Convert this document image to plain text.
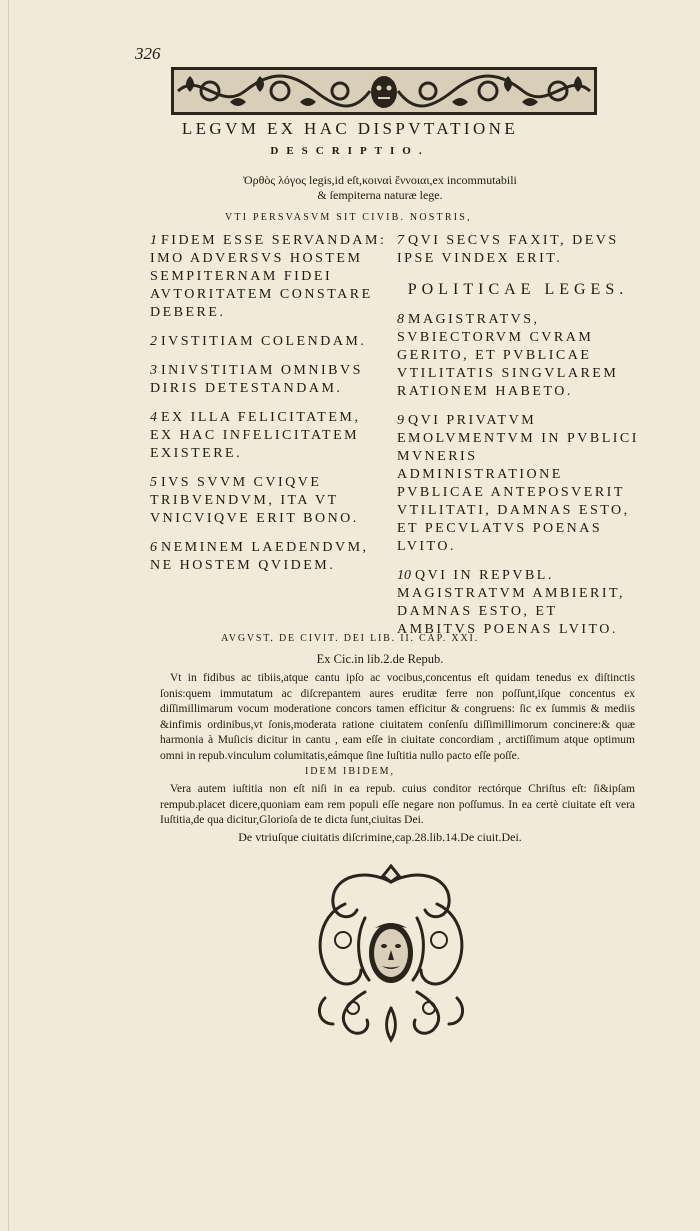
326
LEGVM EX HAC DISPVTATIONE
DESCRIPTIO.
Ὀρθὸς λόγος legis,id eſt,κοιναὶ ἔννοιαι,ex incommutabili
& ſempiterna naturæ lege.
VTI PERSVASVM SIT CIVIB. NOSTRIS,
1 FIDEM ESSE SERVANDAM: IMO ADVERSVS HOSTEM SEMPITERNAM FIDEI AVTORITATEM CONSTARE DEBERE.
2 IVSTITIAM COLENDAM.
3 INIVSTITIAM OMNIBVS DIRIS DETESTANDAM.
4 EX ILLA FELICITATEM, EX HAC INFELICITATEM EXISTERE.
5 IVS SVVM CVIQVE TRIBVENDVM, ITA VT VNICVIQVE ERIT BONO.
6 NEMINEM LAEDENDVM, NE HOSTEM QVIDEM.
7 QVI SECVS FAXIT, DEVS IPSE VINDEX ERIT.
POLITICAE LEGES.
8 MAGISTRATVS, SVBIECTORVM CVRAM GERITO, ET PVBLICAE VTILITATIS SINGVLAREM RATIONEM HABETO.
9 QVI PRIVATVM EMOLVMENTVM IN PVBLICI MVNERIS ADMINISTRATIONE PVBLICAE ANTEPOSVERIT VTILITATI, DAMNAS ESTO, ET PECVLATVS POENAS LVITO.
10 QVI IN REPVBL. MAGISTRATVM AMBIERIT, DAMNAS ESTO, ET AMBITVS POENAS LVITO.
AVGVST. DE CIVIT. DEI LIB. II. CAP. XXI.
Ex Cic.in lib.2.de Repub.
Vt in fidibus ac tibiis,atque cantu ipſo ac vocibus,concentus eſt quidam tenedus ex diſtinctis ſonis:quem immutatum ac diſcrepantem aures eruditæ ferre non poſſunt,iſque concentus ex diſſimillimarum vocum moderatione concors tamen efficitur & congruens: ſic ex ſummis & mediis &infimis ordinibus,vt ſonis,moderata ratione ciuitatem conſenſu diſſimillimorum concinere:& quæ harmonia à Muſicis dicitur in cantu , eam eſſe in ciuitate concordiam , arctiſſimum atque optimum omni in repub.vinculum columitatis,eámque ſine Iuſtitia nullo pacto eſſe poſſe.
IDEM IBIDEM,
Vera autem iuſtitia non eſt niſi in ea repub. cuius conditor rectórque Chriſtus eſt: ſi&ipſam rempub.placet dicere,quoniam eam rem populi eſſe negare non poſſumus. In ea certè ciuitate eſt vera Iuſtitia,de qua dicitur,Glorioſa de te dicta ſunt,ciuitas Dei.
De vtriuſque ciuitatis diſcrimine,cap.28.lib.14.De ciuit.Dei.
